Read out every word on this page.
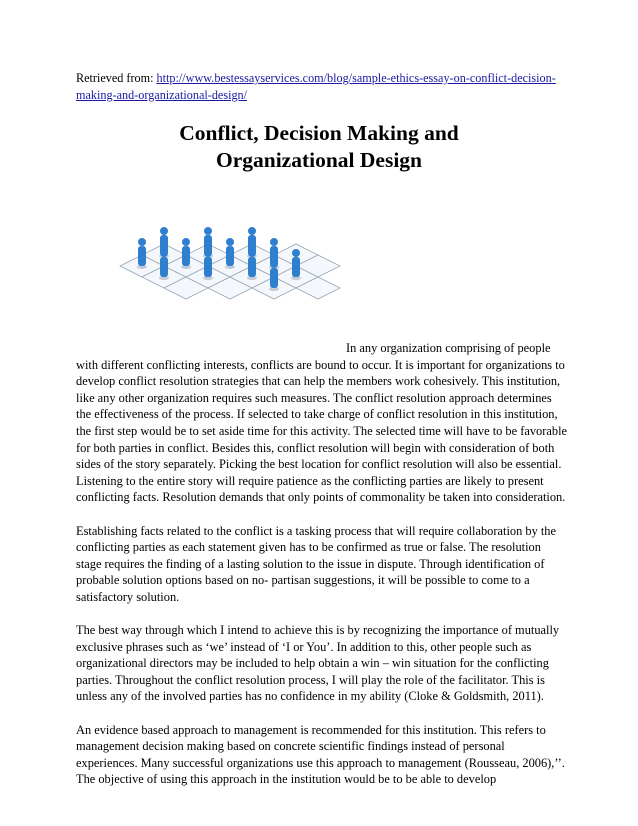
Retrieved from: http://www.bestessayservices.com/blog/sample-ethics-essay-on-conflict-decision-making-and-organizational-design/
Conflict, Decision Making and
Organizational Design

In any organization comprising of people with different conflicting interests, conflicts are bound to occur. It is important for organizations to develop conflict resolution strategies that can help the members work cohesively. This institution, like any other organization requires such measures. The conflict resolution approach determines the effectiveness of the process. If selected to take charge of conflict resolution in this institution, the first step would be to set aside time for this activity. The selected time will have to be favorable for both parties in conflict. Besides this, conflict resolution will begin with consideration of both sides of the story separately. Picking the best location for conflict resolution will also be essential. Listening to the entire story will require patience as the conflicting parties are likely to present conflicting facts. Resolution demands that only points of commonality be taken into consideration.

Establishing facts related to the conflict is a tasking process that will require collaboration by the conflicting parties as each statement given has to be confirmed as true or false. The resolution stage requires the finding of a lasting solution to the issue in dispute. Through identification of probable solution options based on no- partisan suggestions, it will be possible to come to a satisfactory solution.

The best way through which I intend to achieve this is by recognizing the importance of mutually exclusive phrases such as ‘we’ instead of ‘I or You’. In addition to this, other people such as organizational directors may be included to help obtain a win – win situation for the conflicting parties. Throughout the conflict resolution process, I will play the role of the facilitator. This is unless any of the involved parties has no confidence in my ability (Cloke & Goldsmith, 2011).

An evidence based approach to management is recommended for this institution. This refers to management decision making based on concrete scientific findings instead of personal experiences. Many successful organizations use this approach to management (Rousseau, 2006),’’. The objective of using this approach in the institution would be to be able to develop
